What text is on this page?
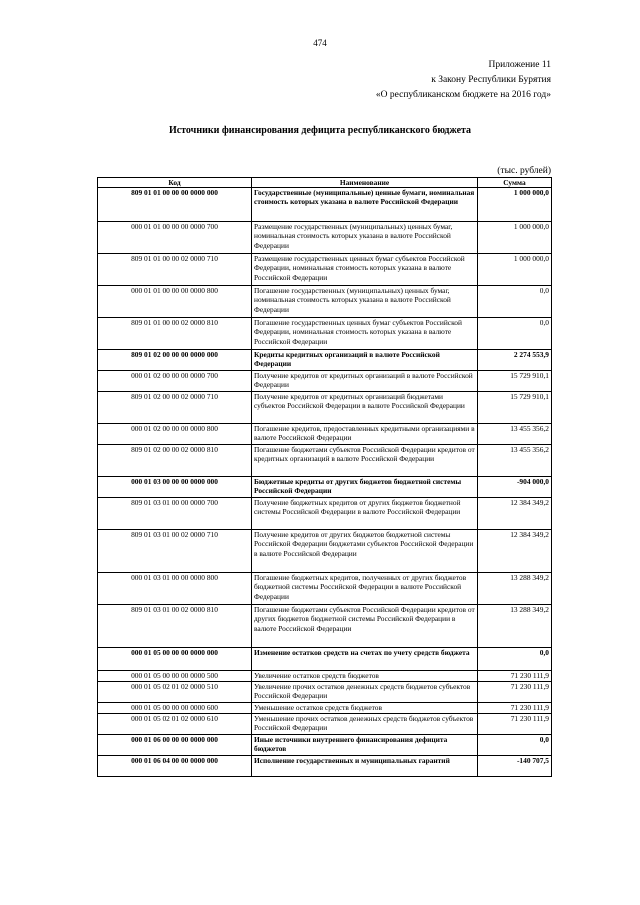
474
Приложение 11
к Закону Республики Бурятия
«О республиканском бюджете на 2016 год»
Источники финансирования дефицита республиканского бюджета
(тыс. рублей)
Код	Наименование	Сумма
809 01 01 00 00 00 0000 000	Государственные (муниципальные) ценные бумаги, номинальная стоимость которых указана в валюте Российской Федерации	1 000 000,0
000 01 01 00 00 00 0000 700	Размещение государственных (муниципальных) ценных бумаг, номинальная стоимость которых указана в валюте Российской Федерации	1 000 000,0
809 01 01 00 00 02 0000 710	Размещение государственных ценных бумаг субъектов Российской Федерации, номинальная стоимость которых указана в валюте Российской Федерации	1 000 000,0
000 01 01 00 00 00 0000 800	Погашение государственных (муниципальных) ценных бумаг, номинальная стоимость которых указана в валюте Российской Федерации	0,0
809 01 01 00 00 02 0000 810	Погашение государственных ценных бумаг субъектов Российской Федерации, номинальная стоимость которых указана в валюте Российской Федерации	0,0
809 01 02 00 00 00 0000 000	Кредиты кредитных организаций в валюте Российской Федерации	2 274 553,9
000 01 02 00 00 00 0000 700	Получение кредитов от кредитных организаций в валюте Российской Федерации	15 729 910,1
809 01 02 00 00 02 0000 710	Получение кредитов от кредитных организаций бюджетами субъектов Российской Федерации в валюте Российской Федерации	15 729 910,1
000 01 02 00 00 00 0000 800	Погашение кредитов, предоставленных кредитными организациями в валюте Российской Федерации	13 455 356,2
809 01 02 00 00 02 0000 810	Погашение бюджетами субъектов Российской Федерации кредитов от кредитных организаций в валюте Российской Федерации	13 455 356,2
000 01 03 00 00 00 0000 000	Бюджетные кредиты от других бюджетов бюджетной системы Российской Федерации	-904 000,0
809 01 03 01 00 00 0000 700	Получение бюджетных кредитов от других бюджетов бюджетной системы Российской Федерации в валюте Российской Федерации	12 384 349,2
809 01 03 01 00 02 0000 710	Получение кредитов от других бюджетов бюджетной системы Российской Федерации бюджетами субъектов Российской Федерации в валюте Российской Федерации	12 384 349,2
000 01 03 01 00 00 0000 800	Погашение бюджетных кредитов, полученных от других бюджетов бюджетной системы Российской Федерации в валюте Российской Федерации	13 288 349,2
809 01 03 01 00 02 0000 810	Погашение бюджетами субъектов Российской Федерации кредитов от других бюджетов бюджетной системы Российской Федерации в валюте Российской Федерации	13 288 349,2
000 01 05 00 00 00 0000 000	Изменение остатков средств на счетах по учету средств бюджета	0,0
000 01 05 00 00 00 0000 500	Увеличение остатков средств бюджетов	71 230 111,9
000 01 05 02 01 02 0000 510	Увеличение прочих остатков денежных средств бюджетов субъектов Российской Федерации	71 230 111,9
000 01 05 00 00 00 0000 600	Уменьшение остатков средств бюджетов	71 230 111,9
000 01 05 02 01 02 0000 610	Уменьшение прочих остатков денежных средств бюджетов субъектов Российской Федерации	71 230 111,9
000 01 06 00 00 00 0000 000	Иные источники внутреннего финансирования дефицита бюджетов	0,0
000 01 06 04 00 00 0000 000	Исполнение государственных и муниципальных гарантий	-140 707,5
